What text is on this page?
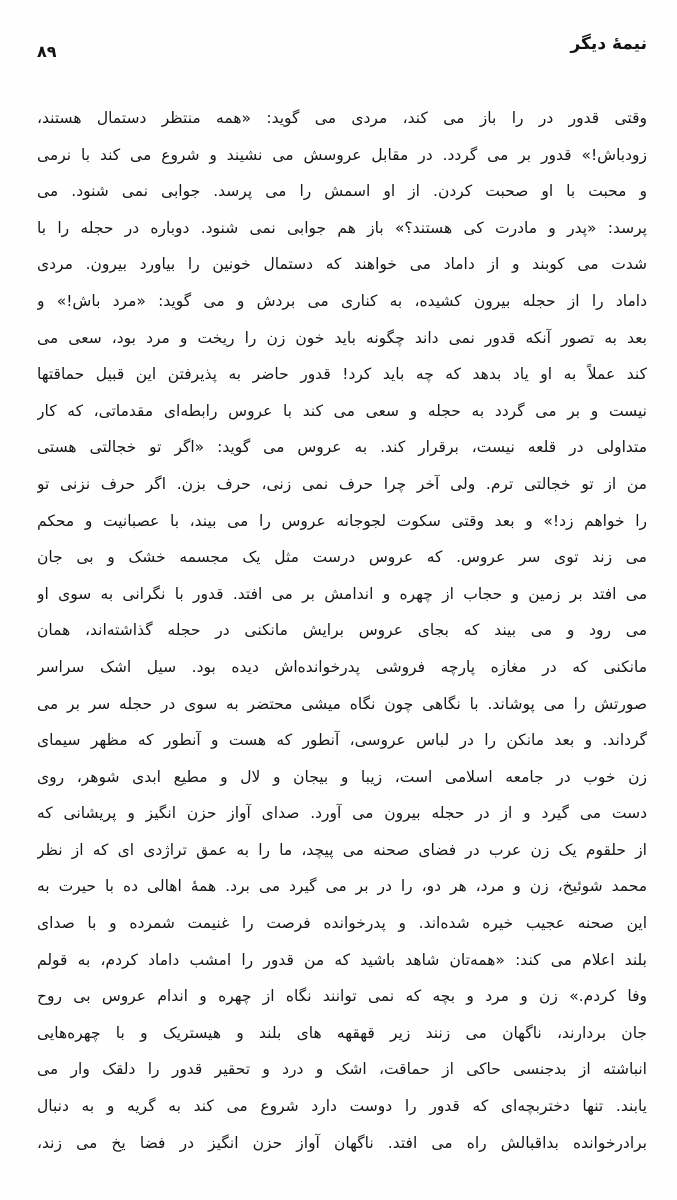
نیمهٔ دیگر
۸۹
وقتی قدور در را باز می کند، مردی می گوید: «همه منتظر دستمال هستند،
زودباش!» قدور بر می گردد. در مقابل عروسش می نشیند و شروع می کند با نرمی
و محبت با او صحبت کردن. از او اسمش را می پرسد. جوابی نمی شنود. می
پرسد: «پدر و مادرت کی هستند؟» باز هم جوابی نمی شنود. دوباره در حجله را با
شدت می کوبند و از داماد می خواهند که دستمال خونین را بیاورد بیرون. مردی
داماد را از حجله بیرون کشیده، به کناری می بردش و می گوید: «مرد باش!» و
بعد به تصور آنکه قدور نمی داند چگونه باید خون زن را ریخت و مرد بود، سعی می
کند عملاً به او یاد بدهد که چه باید کرد! قدور حاضر به پذیرفتن این قبیل حماقتها
نیست و بر می گردد به حجله و سعی می کند با عروس رابطه‌ای مقدماتی، که کار
متداولی در قلعه نیست، برقرار کند. به عروس می گوید: «اگر تو خجالتی هستی
من از تو خجالتی ترم. ولی آخر چرا حرف نمی زنی، حرف بزن. اگر حرف نزنی تو
را خواهم زد!» و بعد وقتی سکوت لجوجانه عروس را می بیند، با عصبانیت و محکم
می زند توی سر عروس. که عروس درست مثل یک مجسمه خشک و بی جان
می افتد بر زمین و حجاب از چهره و اندامش بر می افتد. قدور با نگرانی به سوی او
می رود و می بیند که بجای عروس برایش مانکنی در حجله گذاشته‌اند، همان
مانکنی که در مغازه پارچه فروشی پدرخوانده‌اش دیده بود. سیل اشک سراسر
صورتش را می پوشاند. با نگاهی چون نگاه میشی محتضر به سوی در حجله سر بر می
گرداند. و بعد مانکن را در لباس عروسی، آنطور که هست و آنطور که مظهر سیمای
زن خوب در جامعه اسلامی است، زیبا و بیجان و لال و مطیع ابدی شوهر، روی
دست می گیرد و از در حجله بیرون می آورد. صدای آواز حزن انگیز و پریشانی که
از حلقوم یک زن عرب در فضای صحنه می پیچد، ما را به عمق تراژدی ای که از نظر
محمد شوئیخ، زن و مرد، هر دو، را در بر می گیرد می برد. همهٔ اهالی ده با حیرت به
این صحنه عجیب خیره شده‌اند. و پدرخوانده فرصت را غنیمت شمرده و با صدای
بلند اعلام می کند: «همه‌تان شاهد باشید که من قدور را امشب داماد کردم، به قولم
وفا کردم.» زن و مرد و بچه که نمی توانند نگاه از چهره و اندام عروس بی روح
جان بردارند، ناگهان می زنند زیر قهقهه های بلند و هیستریک و با چهره‌هایی
انباشته از بدجنسی حاکی از حماقت، اشک و درد و تحقیر قدور را دلقک وار می
یابند. تنها دختربچه‌ای که قدور را دوست دارد شروع می کند به گریه و به دنبال
برادرخوانده بداقبالش راه می افتد. ناگهان آواز حزن انگیز در فضا یخ می زند،
